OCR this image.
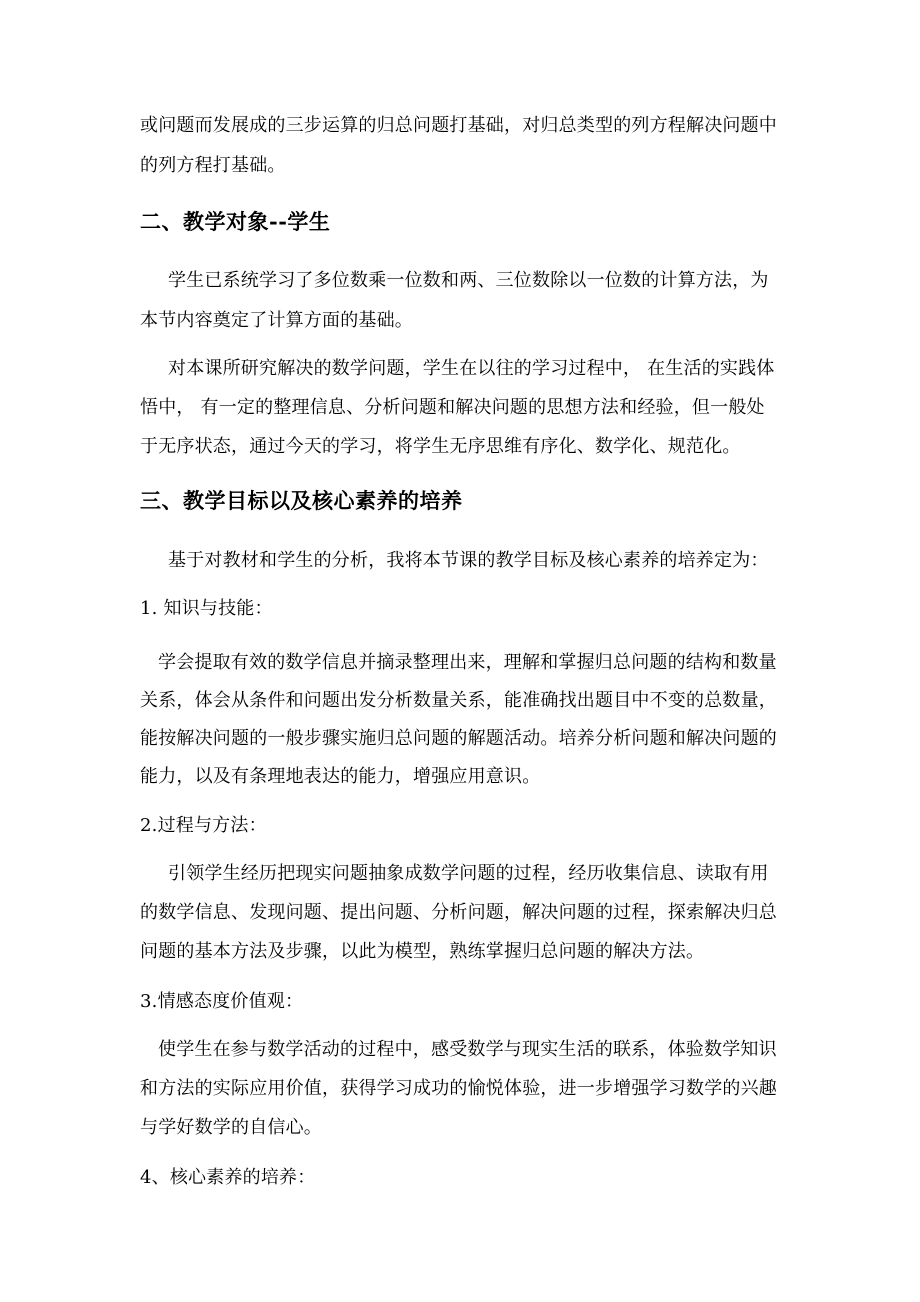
或问题而发展成的三步运算的归总问题打基础，对归总类型的列方程解决问题中
的列方程打基础。
二、教学对象--学生
学生已系统学习了多位数乘一位数和两、三位数除以一位数的计算方法，为
本节内容奠定了计算方面的基础。
对本课所研究解决的数学问题，学生在以往的学习过程中， 在生活的实践体
悟中， 有一定的整理信息、分析问题和解决问题的思想方法和经验，但一般处
于无序状态，通过今天的学习，将学生无序思维有序化、数学化、规范化。
三、教学目标以及核心素养的培养
基于对教材和学生的分析，我将本节课的教学目标及核心素养的培养定为：
1. 知识与技能：
学会提取有效的数学信息并摘录整理出来，理解和掌握归总问题的结构和数量
关系，体会从条件和问题出发分析数量关系，能准确找出题目中不变的总数量，
能按解决问题的一般步骤实施归总问题的解题活动。培养分析问题和解决问题的
能力，以及有条理地表达的能力，增强应用意识。
2.过程与方法：
引领学生经历把现实问题抽象成数学问题的过程，经历收集信息、读取有用
的数学信息、发现问题、提出问题、分析问题，解决问题的过程，探索解决归总
问题的基本方法及步骤，以此为模型，熟练掌握归总问题的解决方法。
3.情感态度价值观：
使学生在参与数学活动的过程中，感受数学与现实生活的联系，体验数学知识
和方法的实际应用价值，获得学习成功的愉悦体验，进一步增强学习数学的兴趣
与学好数学的自信心。
4、核心素养的培养：
